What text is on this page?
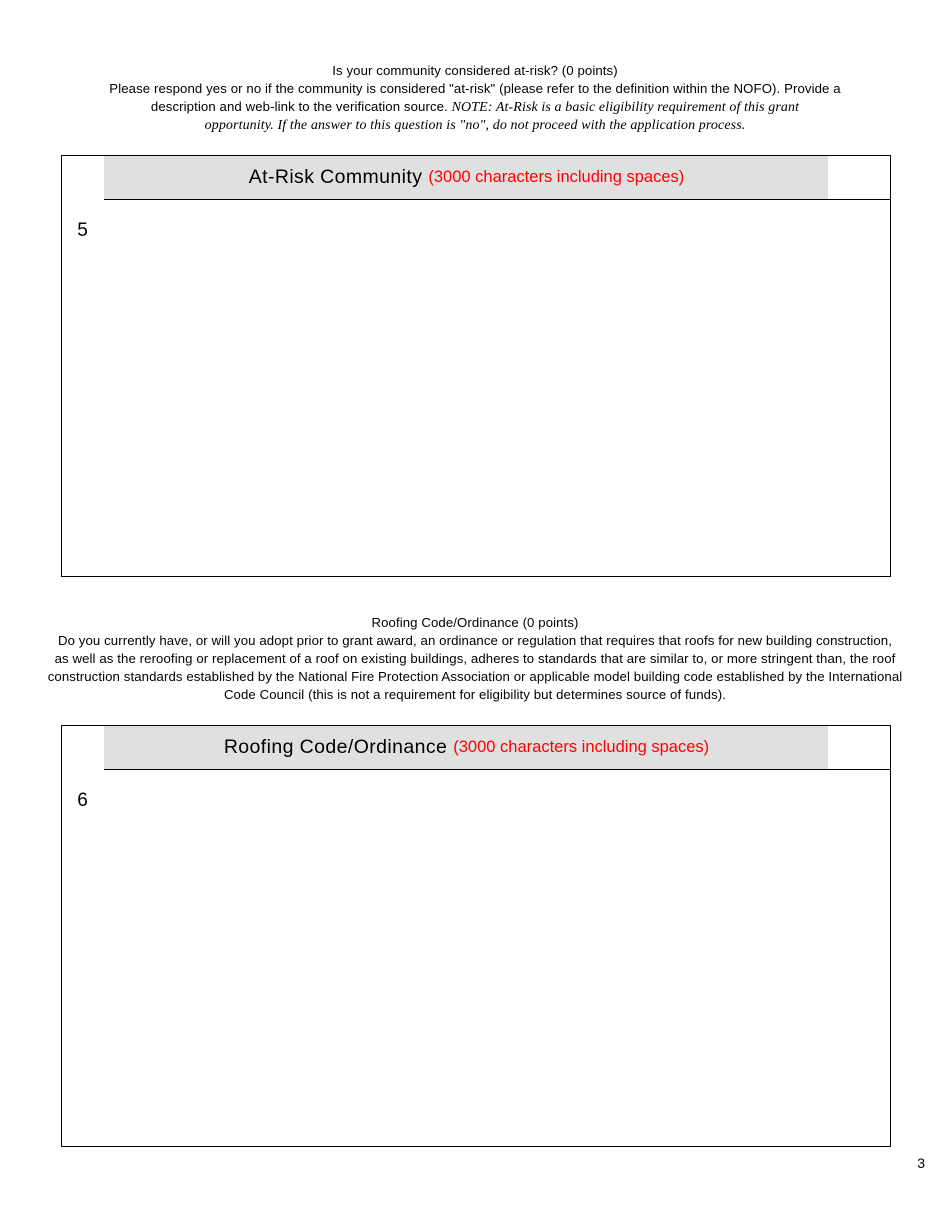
Is your community considered at-risk? (0 points)
Please respond yes or no if the community is considered "at-risk" (please refer to the definition within the NOFO). Provide a
description and web-link to the verification source. NOTE: At-Risk is a basic eligibility requirement of this grant
opportunity. If the answer to this question is "no", do not proceed with the application process.
5
At-Risk Community (3000 characters including spaces)
Roofing Code/Ordinance (0 points)
Do you currently have, or will you adopt prior to grant award, an ordinance or regulation that requires that roofs for new building construction,
as well as the reroofing or replacement of a roof on existing buildings, adheres to standards that are similar to, or more stringent than, the roof
construction standards established by the National Fire Protection Association or applicable model building code established by the International
Code Council (this is not a requirement for eligibility but determines source of funds).
6
Roofing Code/Ordinance (3000 characters including spaces)
3
